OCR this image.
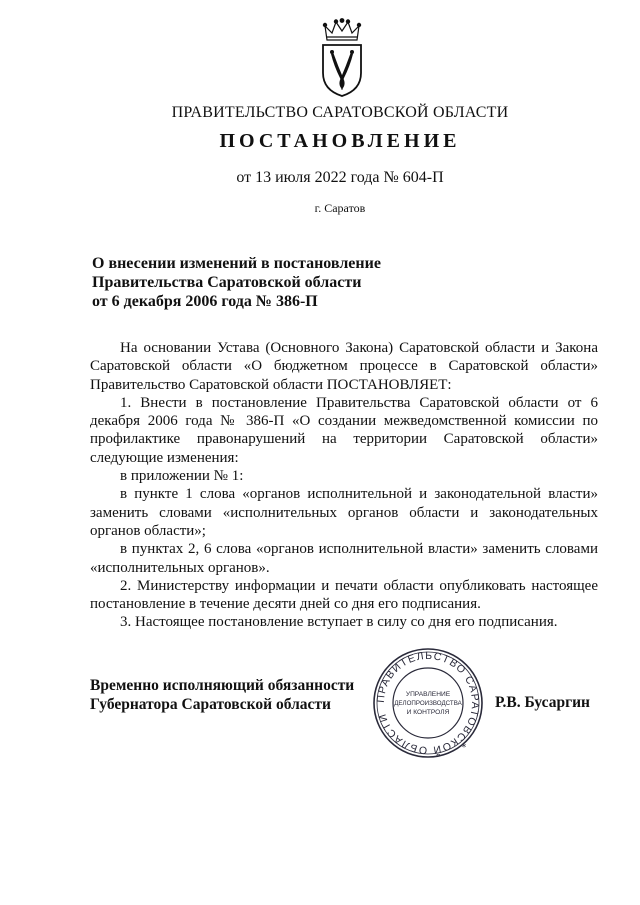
ПРАВИТЕЛЬСТВО САРАТОВСКОЙ ОБЛАСТИ
ПОСТАНОВЛЕНИЕ
от 13 июля 2022 года № 604-П
г. Саратов
О внесении изменений в постановление
Правительства Саратовской области
от 6 декабря 2006 года № 386-П

На основании Устава (Основного Закона) Саратовской области и Закона Саратовской области «О бюджетном процессе в Саратовской области» Правительство Саратовской области ПОСТАНОВЛЯЕТ:

1. Внести в постановление Правительства Саратовской области от 6 декабря 2006 года № 386-П «О создании межведомственной комиссии по профилактике правонарушений на территории Саратовской области» следующие изменения:

в приложении № 1:

в пункте 1 слова «органов исполнительной и законодательной власти» заменить словами «исполнительных органов области и законодательных органов области»;

в пунктах 2, 6 слова «органов исполнительной власти» заменить словами «исполнительных органов».

2. Министерству информации и печати области опубликовать настоящее постановление в течение десяти дней со дня его подписания.

3. Настоящее постановление вступает в силу со дня его подписания.

Временно исполняющий обязанности
Губернатора Саратовской области	ПРАВИТЕЛЬСТВО САРАТОВСКОЙ ОБЛАСТИ
*
УПРАВЛЕНИЕ
ДЕЛОПРОИЗВОДСТВА
И КОНТРОЛЯ
Р.В. Бусаргин
